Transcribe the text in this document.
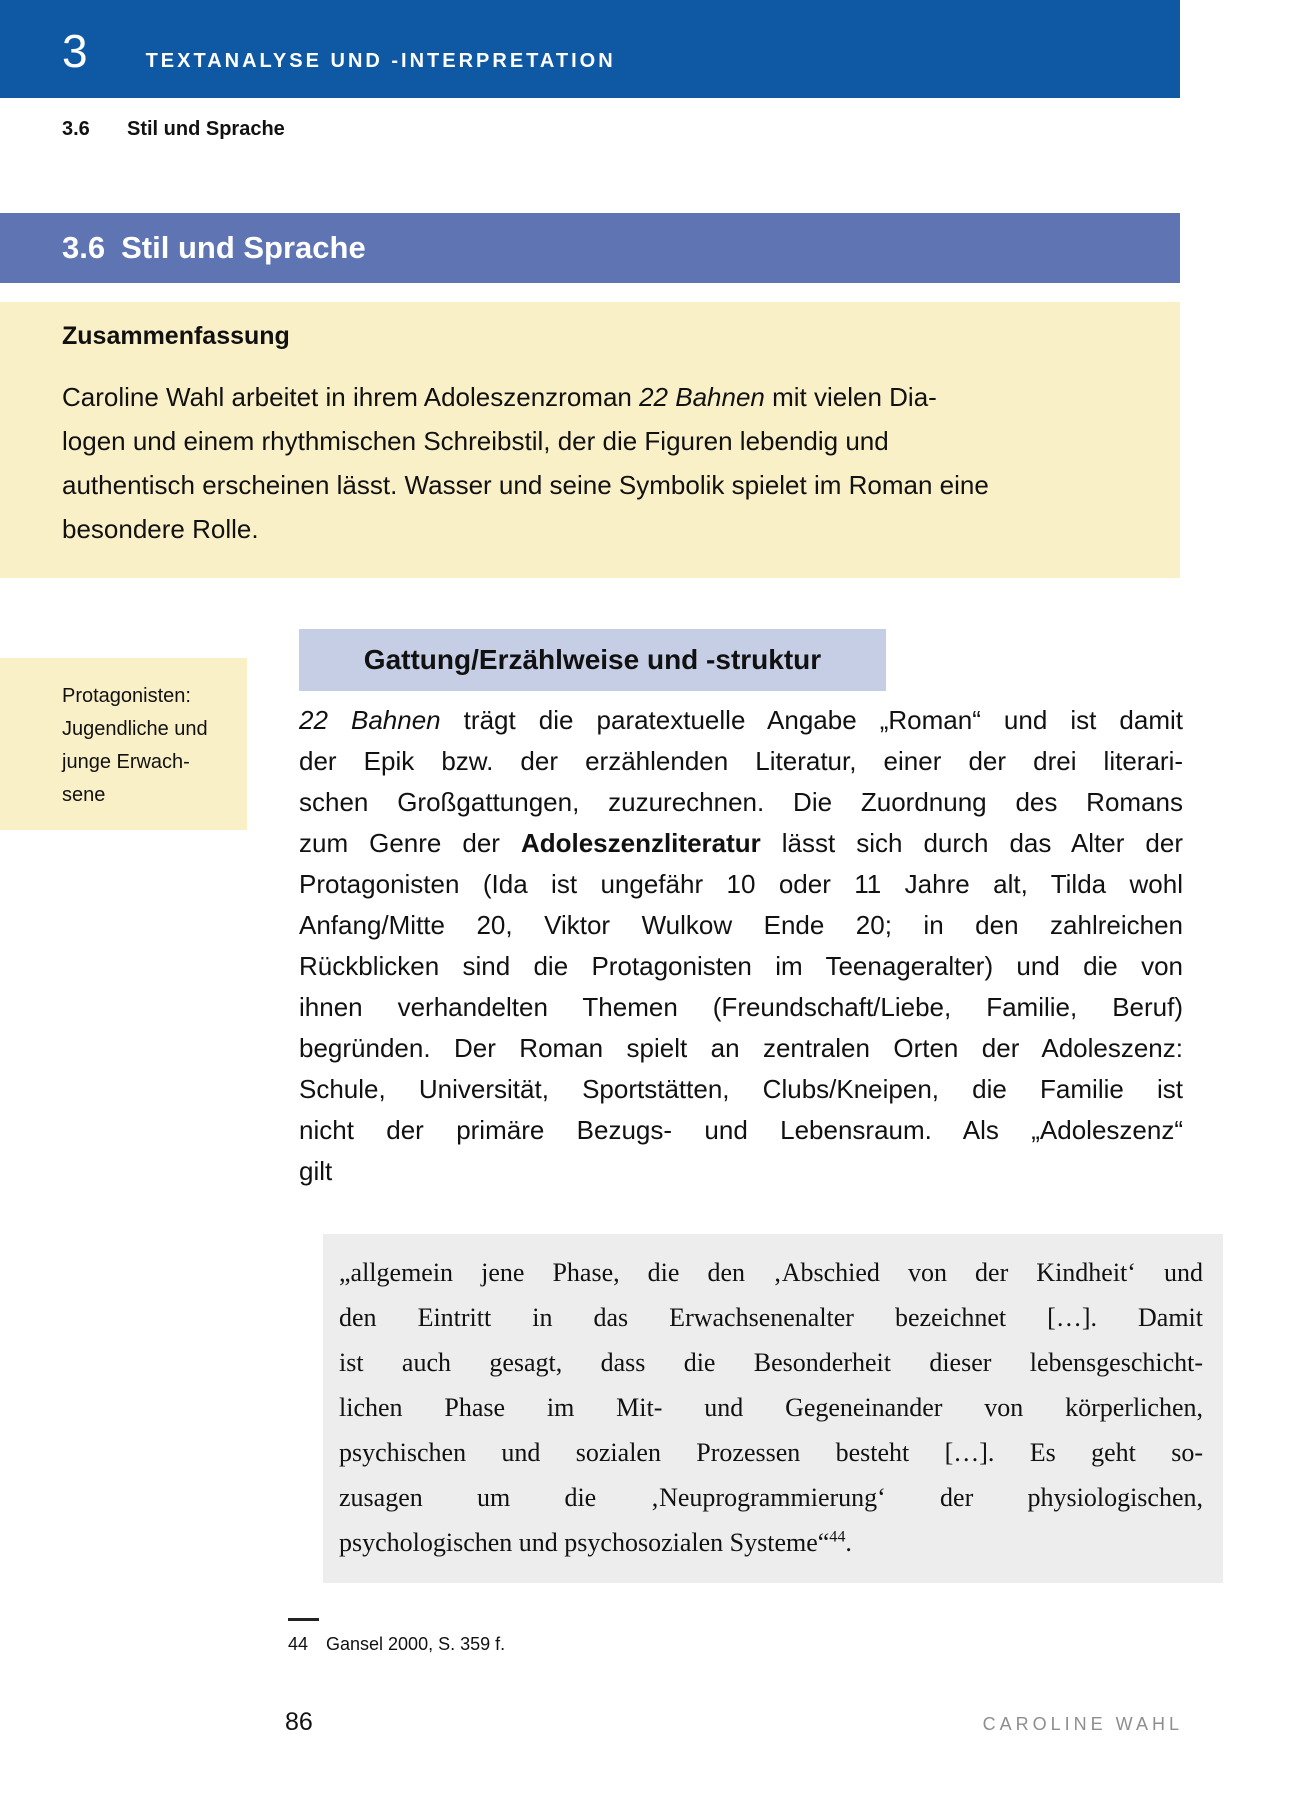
3	TEXTANALYSE UND -INTERPRETATION
3.6 Stil und Sprache
3.6 Stil und Sprache
Zusammenfassung
Caroline Wahl arbeitet in ihrem Adoleszenzroman 22 Bahnen mit vielen Dia-
logen und einem rhythmischen Schreibstil, der die Figuren lebendig und
authentisch erscheinen lässt. Wasser und seine Symbolik spielet im Roman eine
besondere Rolle.
Gattung/Erzählweise und -struktur
Protagonisten:
Jugendliche und
junge Erwach-
sene
22 Bahnen trägt die paratextuelle Angabe „Roman“ und ist damit
der Epik bzw. der erzählenden Literatur, einer der drei literari-
schen Großgattungen, zuzurechnen. Die Zuordnung des Romans
zum Genre der Adoleszenzliteratur lässt sich durch das Alter der
Protagonisten (Ida ist ungefähr 10 oder 11 Jahre alt, Tilda wohl
Anfang/Mitte 20, Viktor Wulkow Ende 20; in den zahlreichen
Rückblicken sind die Protagonisten im Teenageralter) und die von
ihnen verhandelten Themen (Freundschaft/Liebe, Familie, Beruf)
begründen. Der Roman spielt an zentralen Orten der Adoleszenz:
Schule, Universität, Sportstätten, Clubs/Kneipen, die Familie ist
nicht der primäre Bezugs- und Lebensraum. Als „Adoleszenz“
gilt
„allgemein jene Phase, die den ‚Abschied von der Kindheit‘ und
den Eintritt in das Erwachsenenalter bezeichnet […]. Damit
ist auch gesagt, dass die Besonderheit dieser lebensgeschicht-
lichen Phase im Mit- und Gegeneinander von körperlichen,
psychischen und sozialen Prozessen besteht […]. Es geht so-
zusagen um die ‚Neuprogrammierung‘ der physiologischen,
psychologischen und psychosozialen Systeme“$^{44}$.
44 Gansel 2000, S. 359 f.
86	CAROLINE WAHL
